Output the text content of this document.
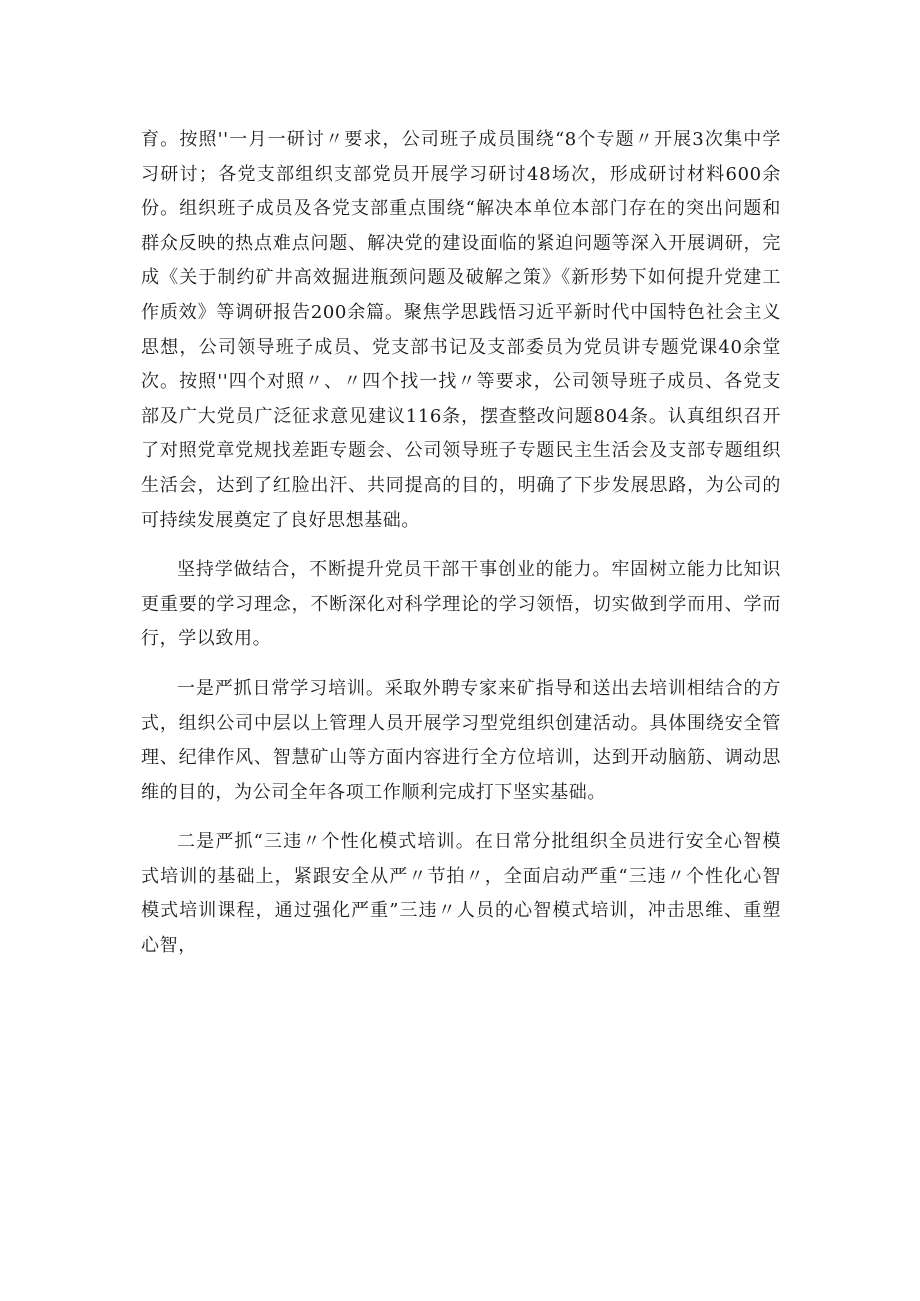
育。按照''一月一研讨〃要求，公司班子成员围绕“8个专题〃开展3次集中学习研讨；各党支部组织支部党员开展学习研讨48场次，形成研讨材料600余份。组织班子成员及各党支部重点围绕“解决本单位本部门存在的突出问题和群众反映的热点难点问题、解决党的建设面临的紧迫问题等深入开展调研，完成《关于制约矿井高效掘进瓶颈问题及破解之策》《新形势下如何提升党建工作质效》等调研报告200余篇。聚焦学思践悟习近平新时代中国特色社会主义思想，公司领导班子成员、党支部书记及支部委员为党员讲专题党课40余堂次。按照''四个对照〃、〃四个找一找〃等要求，公司领导班子成员、各党支部及广大党员广泛征求意见建议116条，摆查整改问题804条。认真组织召开了对照党章党规找差距专题会、公司领导班子专题民主生活会及支部专题组织生活会，达到了红脸出汗、共同提高的目的，明确了下步发展思路，为公司的可持续发展奠定了良好思想基础。

坚持学做结合，不断提升党员干部干事创业的能力。牢固树立能力比知识更重要的学习理念，不断深化对科学理论的学习领悟，切实做到学而用、学而行，学以致用。

一是严抓日常学习培训。采取外聘专家来矿指导和送出去培训相结合的方式，组织公司中层以上管理人员开展学习型党组织创建活动。具体围绕安全管理、纪律作风、智慧矿山等方面内容进行全方位培训，达到开动脑筋、调动思维的目的，为公司全年各项工作顺利完成打下坚实基础。

二是严抓“三违〃个性化模式培训。在日常分批组织全员进行安全心智模式培训的基础上，紧跟安全从严〃节拍〃，全面启动严重“三违〃个性化心智模式培训课程，通过强化严重”三违〃人员的心智模式培训，冲击思维、重塑心智，
